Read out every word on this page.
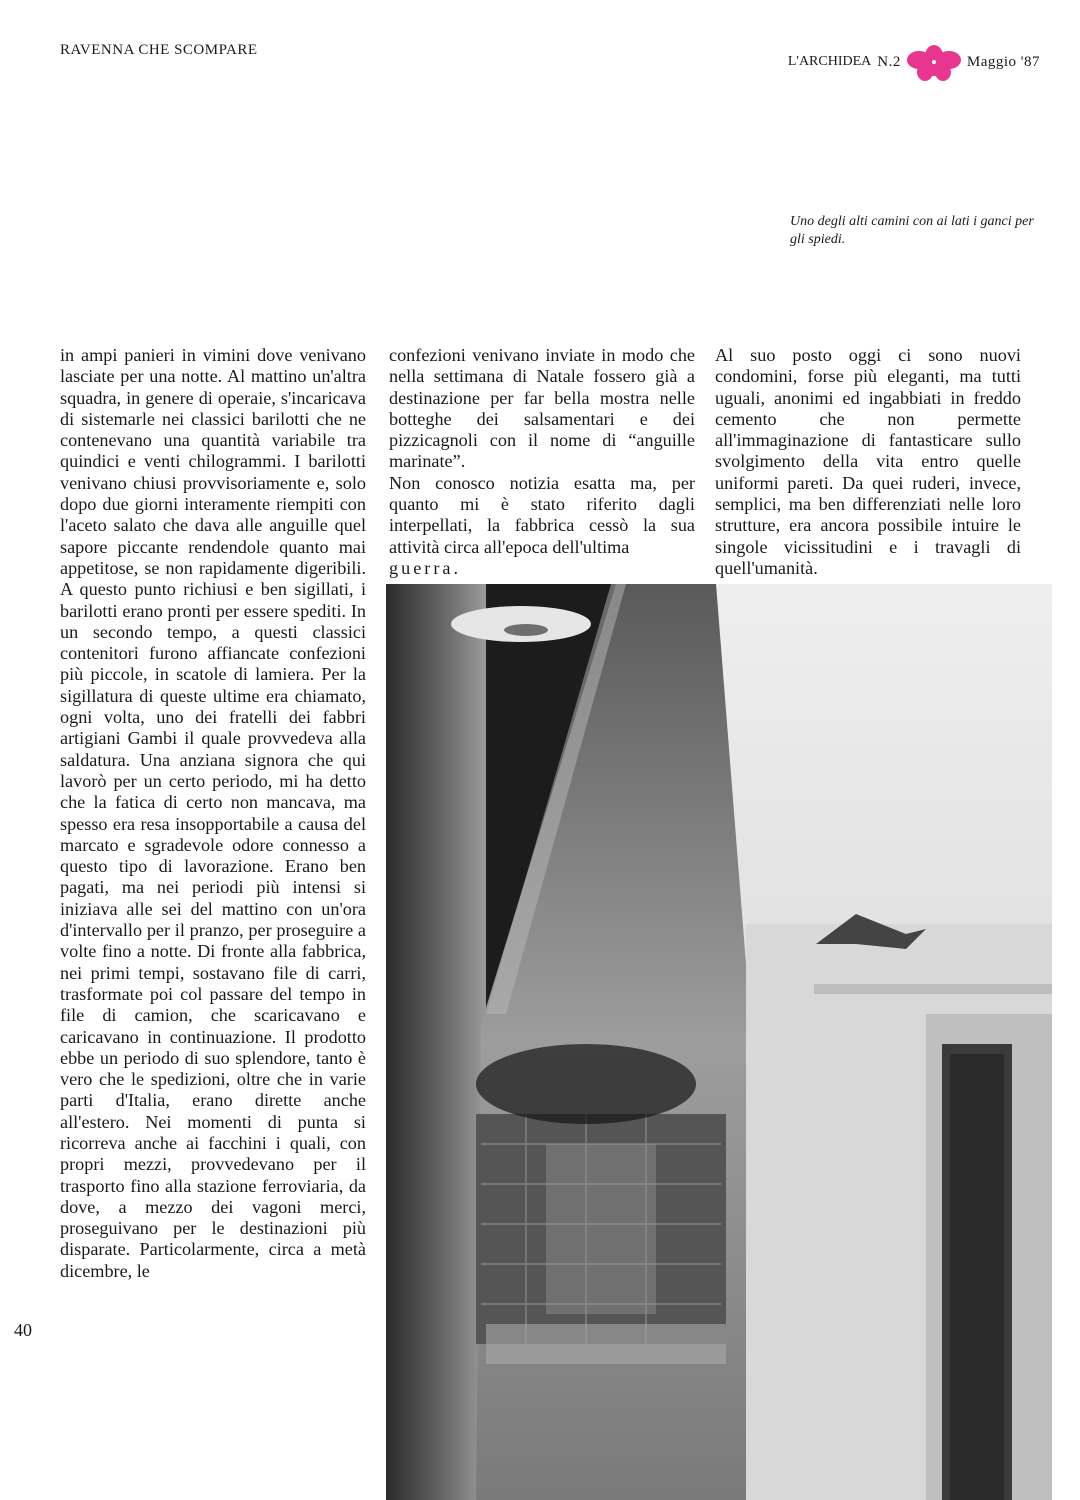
RAVENNA CHE SCOMPARE
L'ARCHIDEA N.2	Maggio '87
Uno degli alti camini con ai lati i ganci per gli spiedi.

in ampi panieri in vimini dove venivano lasciate per una notte. Al mattino un'altra squadra, in genere di operaie, s'incaricava di sistemarle nei classici barilotti che ne contenevano una quantità variabile tra quindici e venti chilogrammi. I barilotti venivano chiusi provvisoriamente e, solo dopo due giorni interamente riempiti con l'aceto salato che dava alle anguille quel sapore piccante rendendole quanto mai appetitose, se non rapidamente digeribili. A questo punto richiusi e ben sigillati, i barilotti erano pronti per essere spediti. In un secondo tempo, a questi classici contenitori furono affiancate confezioni più piccole, in scatole di lamiera. Per la sigillatura di queste ultime era chiamato, ogni volta, uno dei fratelli dei fabbri artigiani Gambi il quale provvedeva alla saldatura. Una anziana signora che qui lavorò per un certo periodo, mi ha detto che la fatica di certo non mancava, ma spesso era resa insopportabile a causa del marcato e sgradevole odore connesso a questo tipo di lavorazione. Erano ben pagati, ma nei periodi più intensi si iniziava alle sei del mattino con un'ora d'intervallo per il pranzo, per proseguire a volte fino a notte. Di fronte alla fabbrica, nei primi tempi, sostavano file di carri, trasformate poi col passare del tempo in file di camion, che scaricavano e caricavano in continuazione. Il prodotto ebbe un periodo di suo splendore, tanto è vero che le spedizioni, oltre che in varie parti d'Italia, erano dirette anche all'estero. Nei momenti di punta si ricorreva anche ai facchini i quali, con propri mezzi, provvedevano per il trasporto fino alla stazione ferroviaria, da dove, a mezzo dei vagoni merci, proseguivano per le destinazioni più disparate. Particolarmente, circa a metà dicembre, le

confezioni venivano inviate in modo che nella settimana di Natale fossero già a destinazione per far bella mostra nelle botteghe dei salsamentari e dei pizzicagnoli con il nome di “anguille marinate”.

Non conosco notizia esatta ma, per quanto mi è stato riferito dagli interpellati, la fabbrica cessò la sua attività circa all'epoca dell'ultima
guerra.

Al suo posto oggi ci sono nuovi condomini, forse più eleganti, ma tutti uguali, anonimi ed ingabbiati in freddo cemento che non permette all'immaginazione di fantasticare sullo svolgimento della vita entro quelle uniformi pareti. Da quei ruderi, invece, semplici, ma ben differenziati nelle loro strutture, era ancora possibile intuire le singole vicissitudini e i travagli di quell'umanità.

40
